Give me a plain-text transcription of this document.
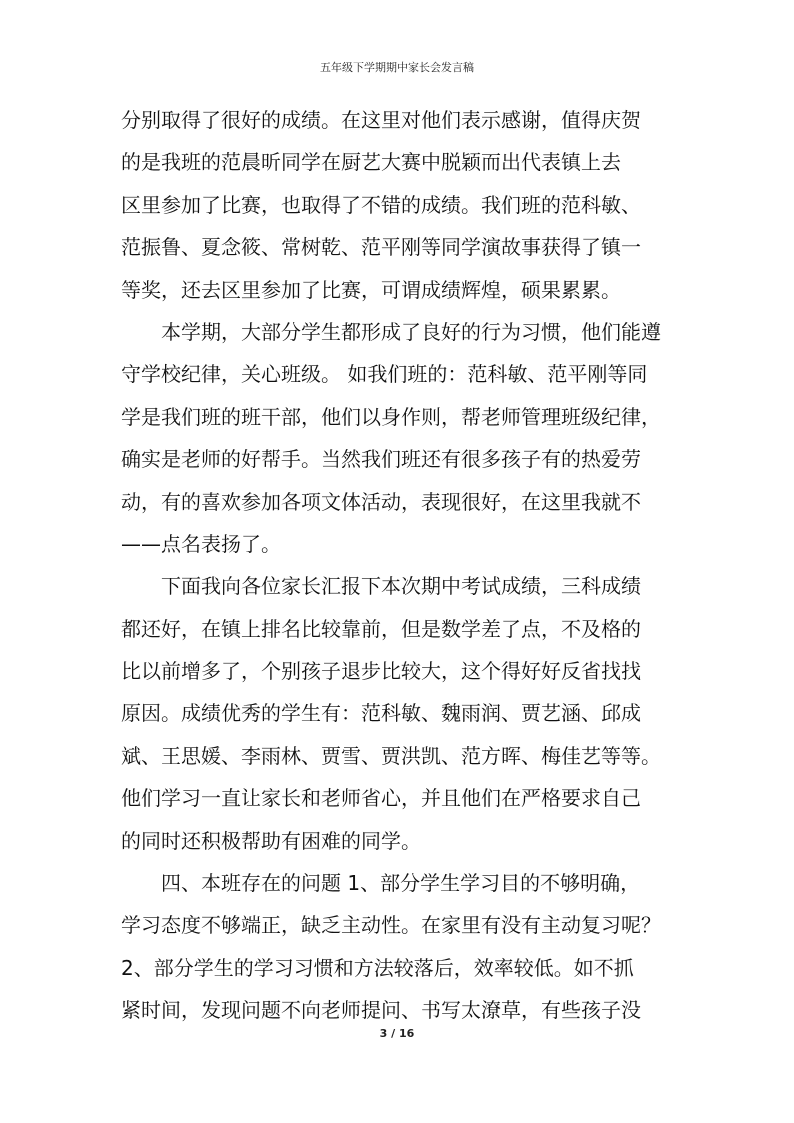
五年级下学期期中家长会发言稿
分别取得了很好的成绩。在这里对他们表示感谢，值得庆贺
的是我班的范晨昕同学在厨艺大赛中脱颖而出代表镇上去
区里参加了比赛，也取得了不错的成绩。我们班的范科敏、
范振鲁、夏念筱、常树乾、范平刚等同学演故事获得了镇一
等奖，还去区里参加了比赛，可谓成绩辉煌，硕果累累。
　　本学期，大部分学生都形成了良好的行为习惯，他们能遵
守学校纪律，关心班级。 如我们班的：范科敏、范平刚等同
学是我们班的班干部，他们以身作则，帮老师管理班级纪律，
确实是老师的好帮手。当然我们班还有很多孩子有的热爱劳
动，有的喜欢参加各项文体活动，表现很好，在这里我就不
——点名表扬了。
　　下面我向各位家长汇报下本次期中考试成绩，三科成绩
都还好，在镇上排名比较靠前，但是数学差了点，不及格的
比以前增多了，个别孩子退步比较大，这个得好好反省找找
原因。成绩优秀的学生有：范科敏、魏雨润、贾艺涵、邱成
斌、王思媛、李雨林、贾雪、贾洪凯、范方晖、梅佳艺等等。
他们学习一直让家长和老师省心，并且他们在严格要求自己
的同时还积极帮助有困难的同学。
　　四、本班存在的问题 1、部分学生学习目的不够明确，
学习态度不够端正，缺乏主动性。在家里有没有主动复习呢？
2、部分学生的学习习惯和方法较落后，效率较低。如不抓
紧时间，发现问题不向老师提问、书写太潦草，有些孩子没
3 / 16
